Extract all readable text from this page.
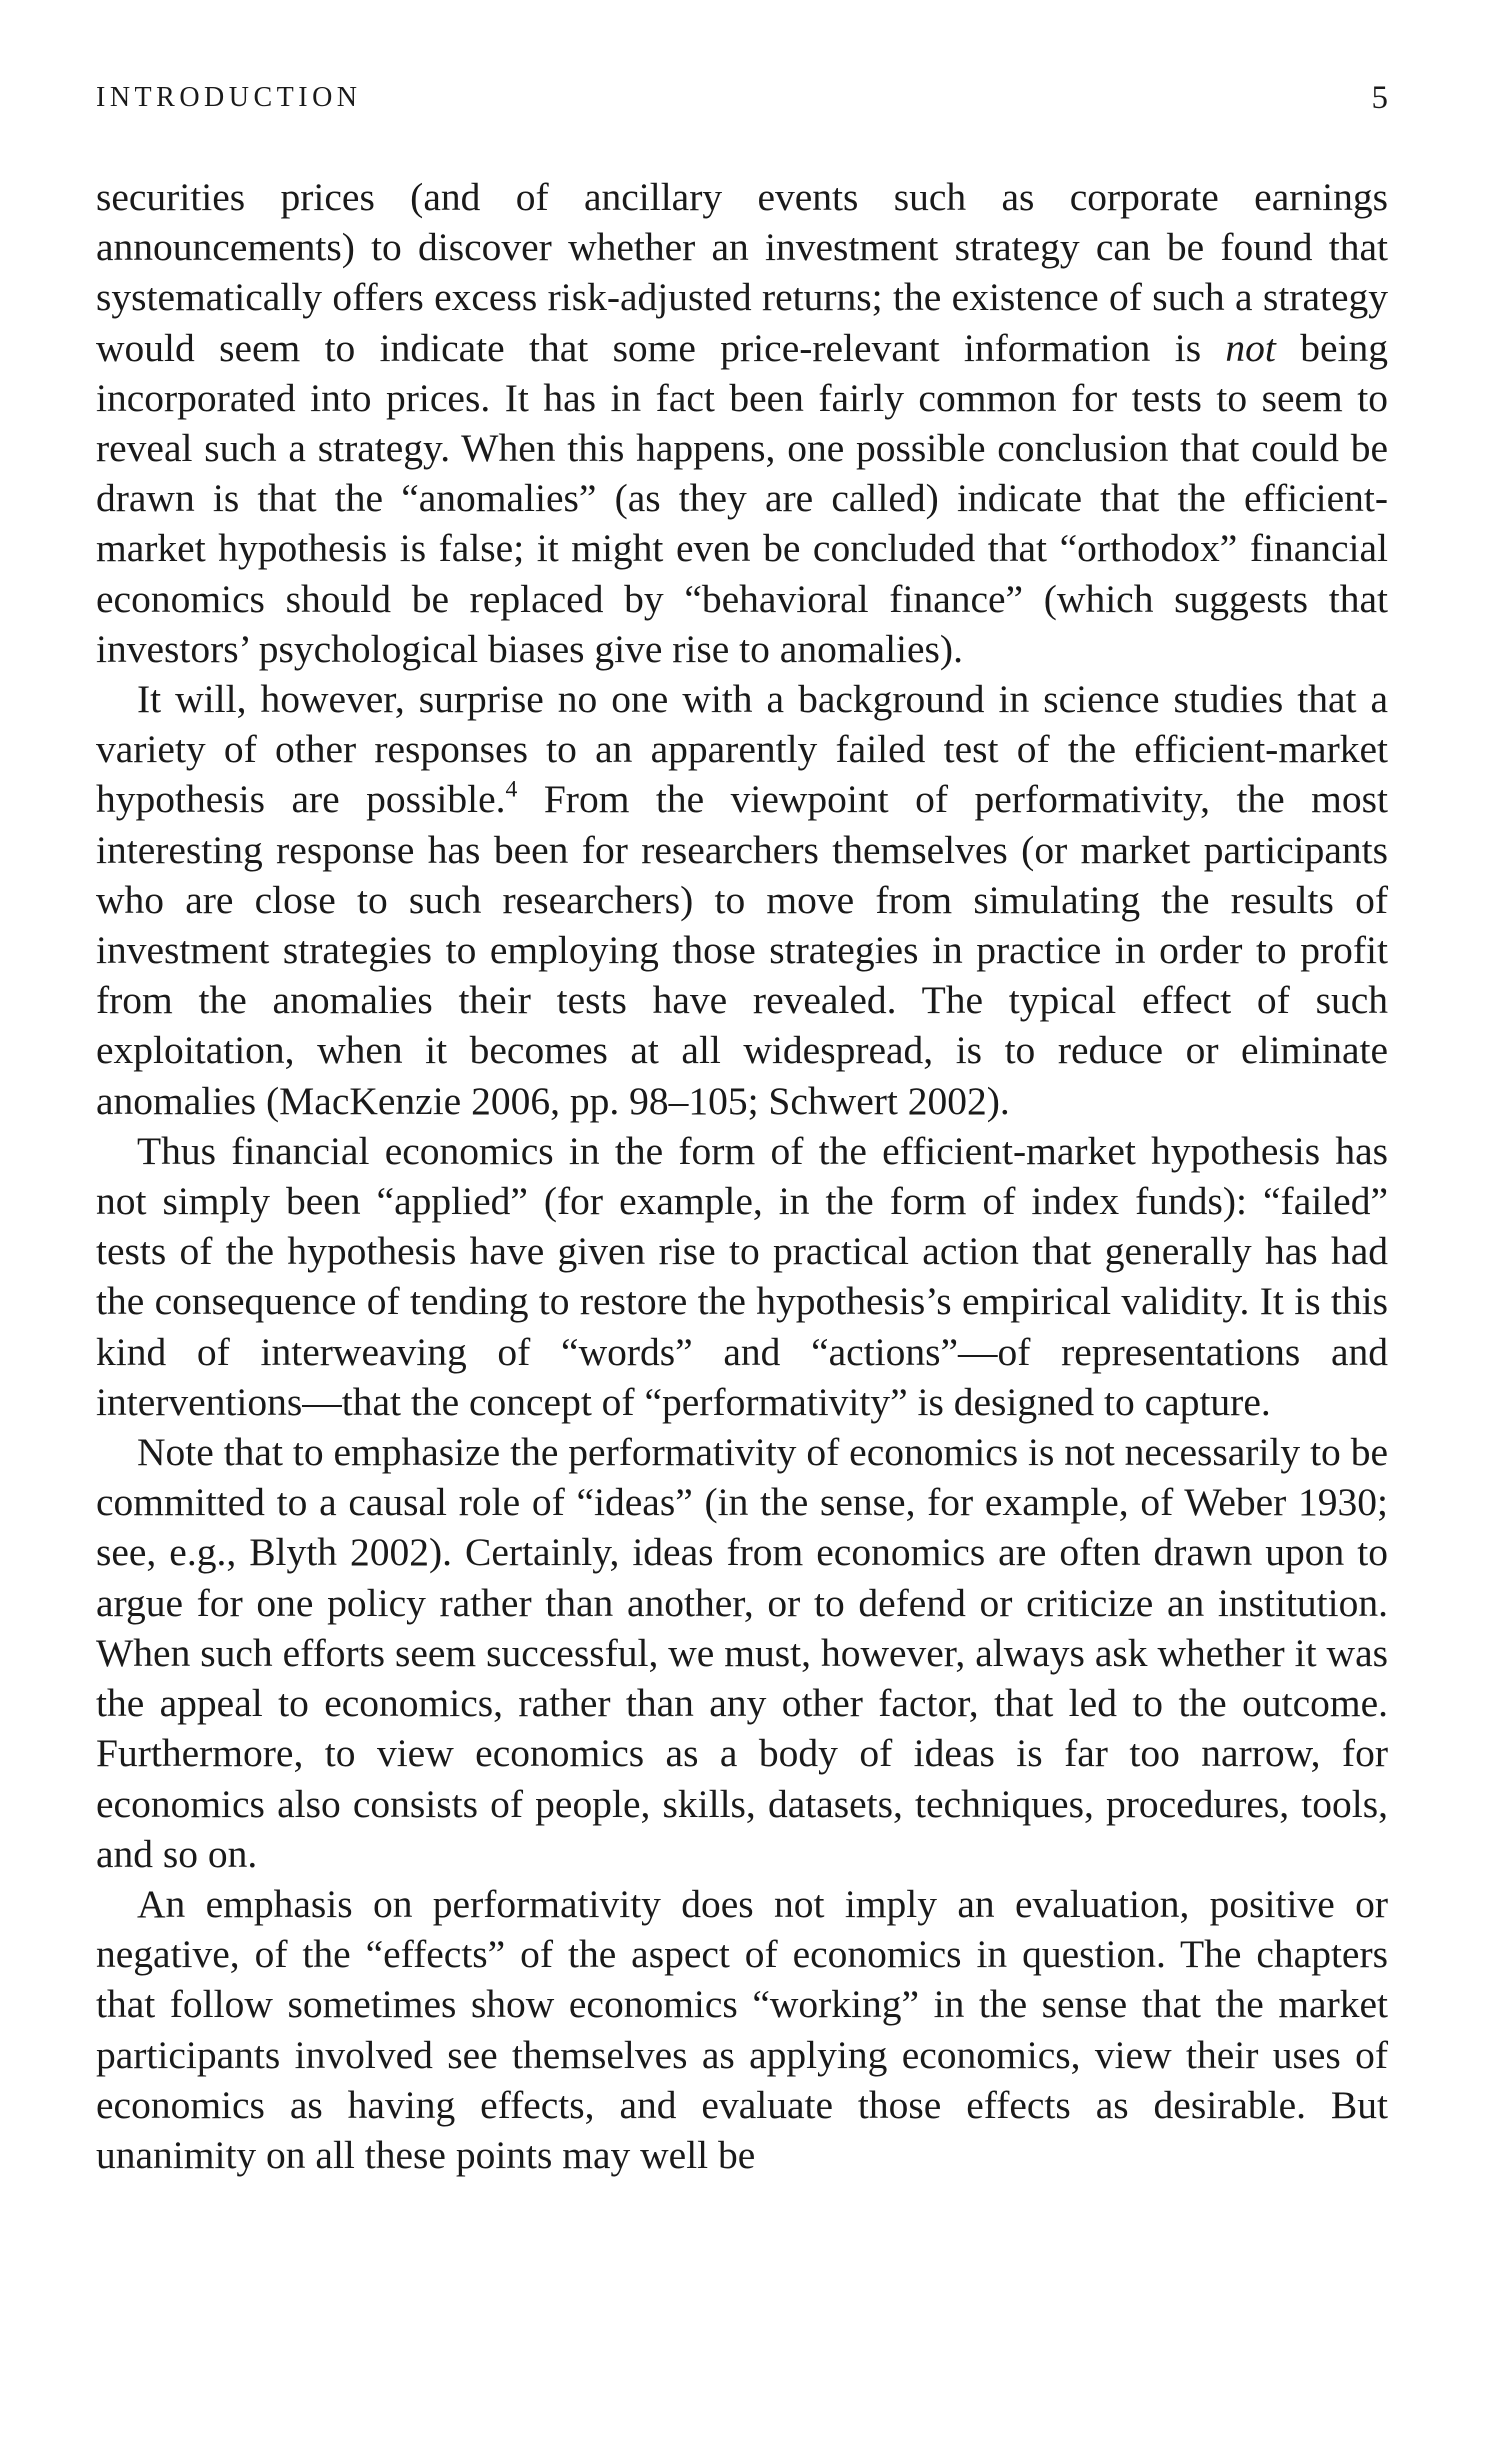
INTRODUCTION	5

securities prices (and of ancillary events such as corporate earnings announcements) to discover whether an investment strategy can be found that systematically offers excess risk-adjusted returns; the existence of such a strategy would seem to indicate that some price-relevant information is not being incorporated into prices. It has in fact been fairly common for tests to seem to reveal such a strategy. When this happens, one possible conclusion that could be drawn is that the “anomalies” (as they are called) indicate that the efficient-market hypothesis is false; it might even be concluded that “orthodox” financial economics should be replaced by “behavioral finance” (which suggests that investors’ psychological biases give rise to anomalies).

It will, however, surprise no one with a background in science studies that a variety of other responses to an apparently failed test of the efficient-market hypothesis are possible.$^4$ From the viewpoint of performativity, the most interesting response has been for researchers themselves (or market participants who are close to such researchers) to move from simulating the results of investment strategies to employing those strategies in practice in order to profit from the anomalies their tests have revealed. The typical effect of such exploitation, when it becomes at all widespread, is to reduce or eliminate anomalies (MacKenzie 2006, pp. 98–105; Schwert 2002).

Thus financial economics in the form of the efficient-market hypothesis has not simply been “applied” (for example, in the form of index funds): “failed” tests of the hypothesis have given rise to practical action that generally has had the consequence of tending to restore the hypothesis’s empirical validity. It is this kind of interweaving of “words” and “actions”—of representations and interventions—that the concept of “performativity” is designed to capture.

Note that to emphasize the performativity of economics is not necessarily to be committed to a causal role of “ideas” (in the sense, for example, of Weber 1930; see, e.g., Blyth 2002). Certainly, ideas from economics are often drawn upon to argue for one policy rather than another, or to defend or criticize an institution. When such efforts seem successful, we must, however, always ask whether it was the appeal to economics, rather than any other factor, that led to the outcome. Furthermore, to view economics as a body of ideas is far too narrow, for economics also consists of people, skills, datasets, techniques, procedures, tools, and so on.

An emphasis on performativity does not imply an evaluation, positive or negative, of the “effects” of the aspect of economics in question. The chapters that follow sometimes show economics “working” in the sense that the market participants involved see themselves as applying economics, view their uses of economics as having effects, and evaluate those effects as desirable. But unanimity on all these points may well be
